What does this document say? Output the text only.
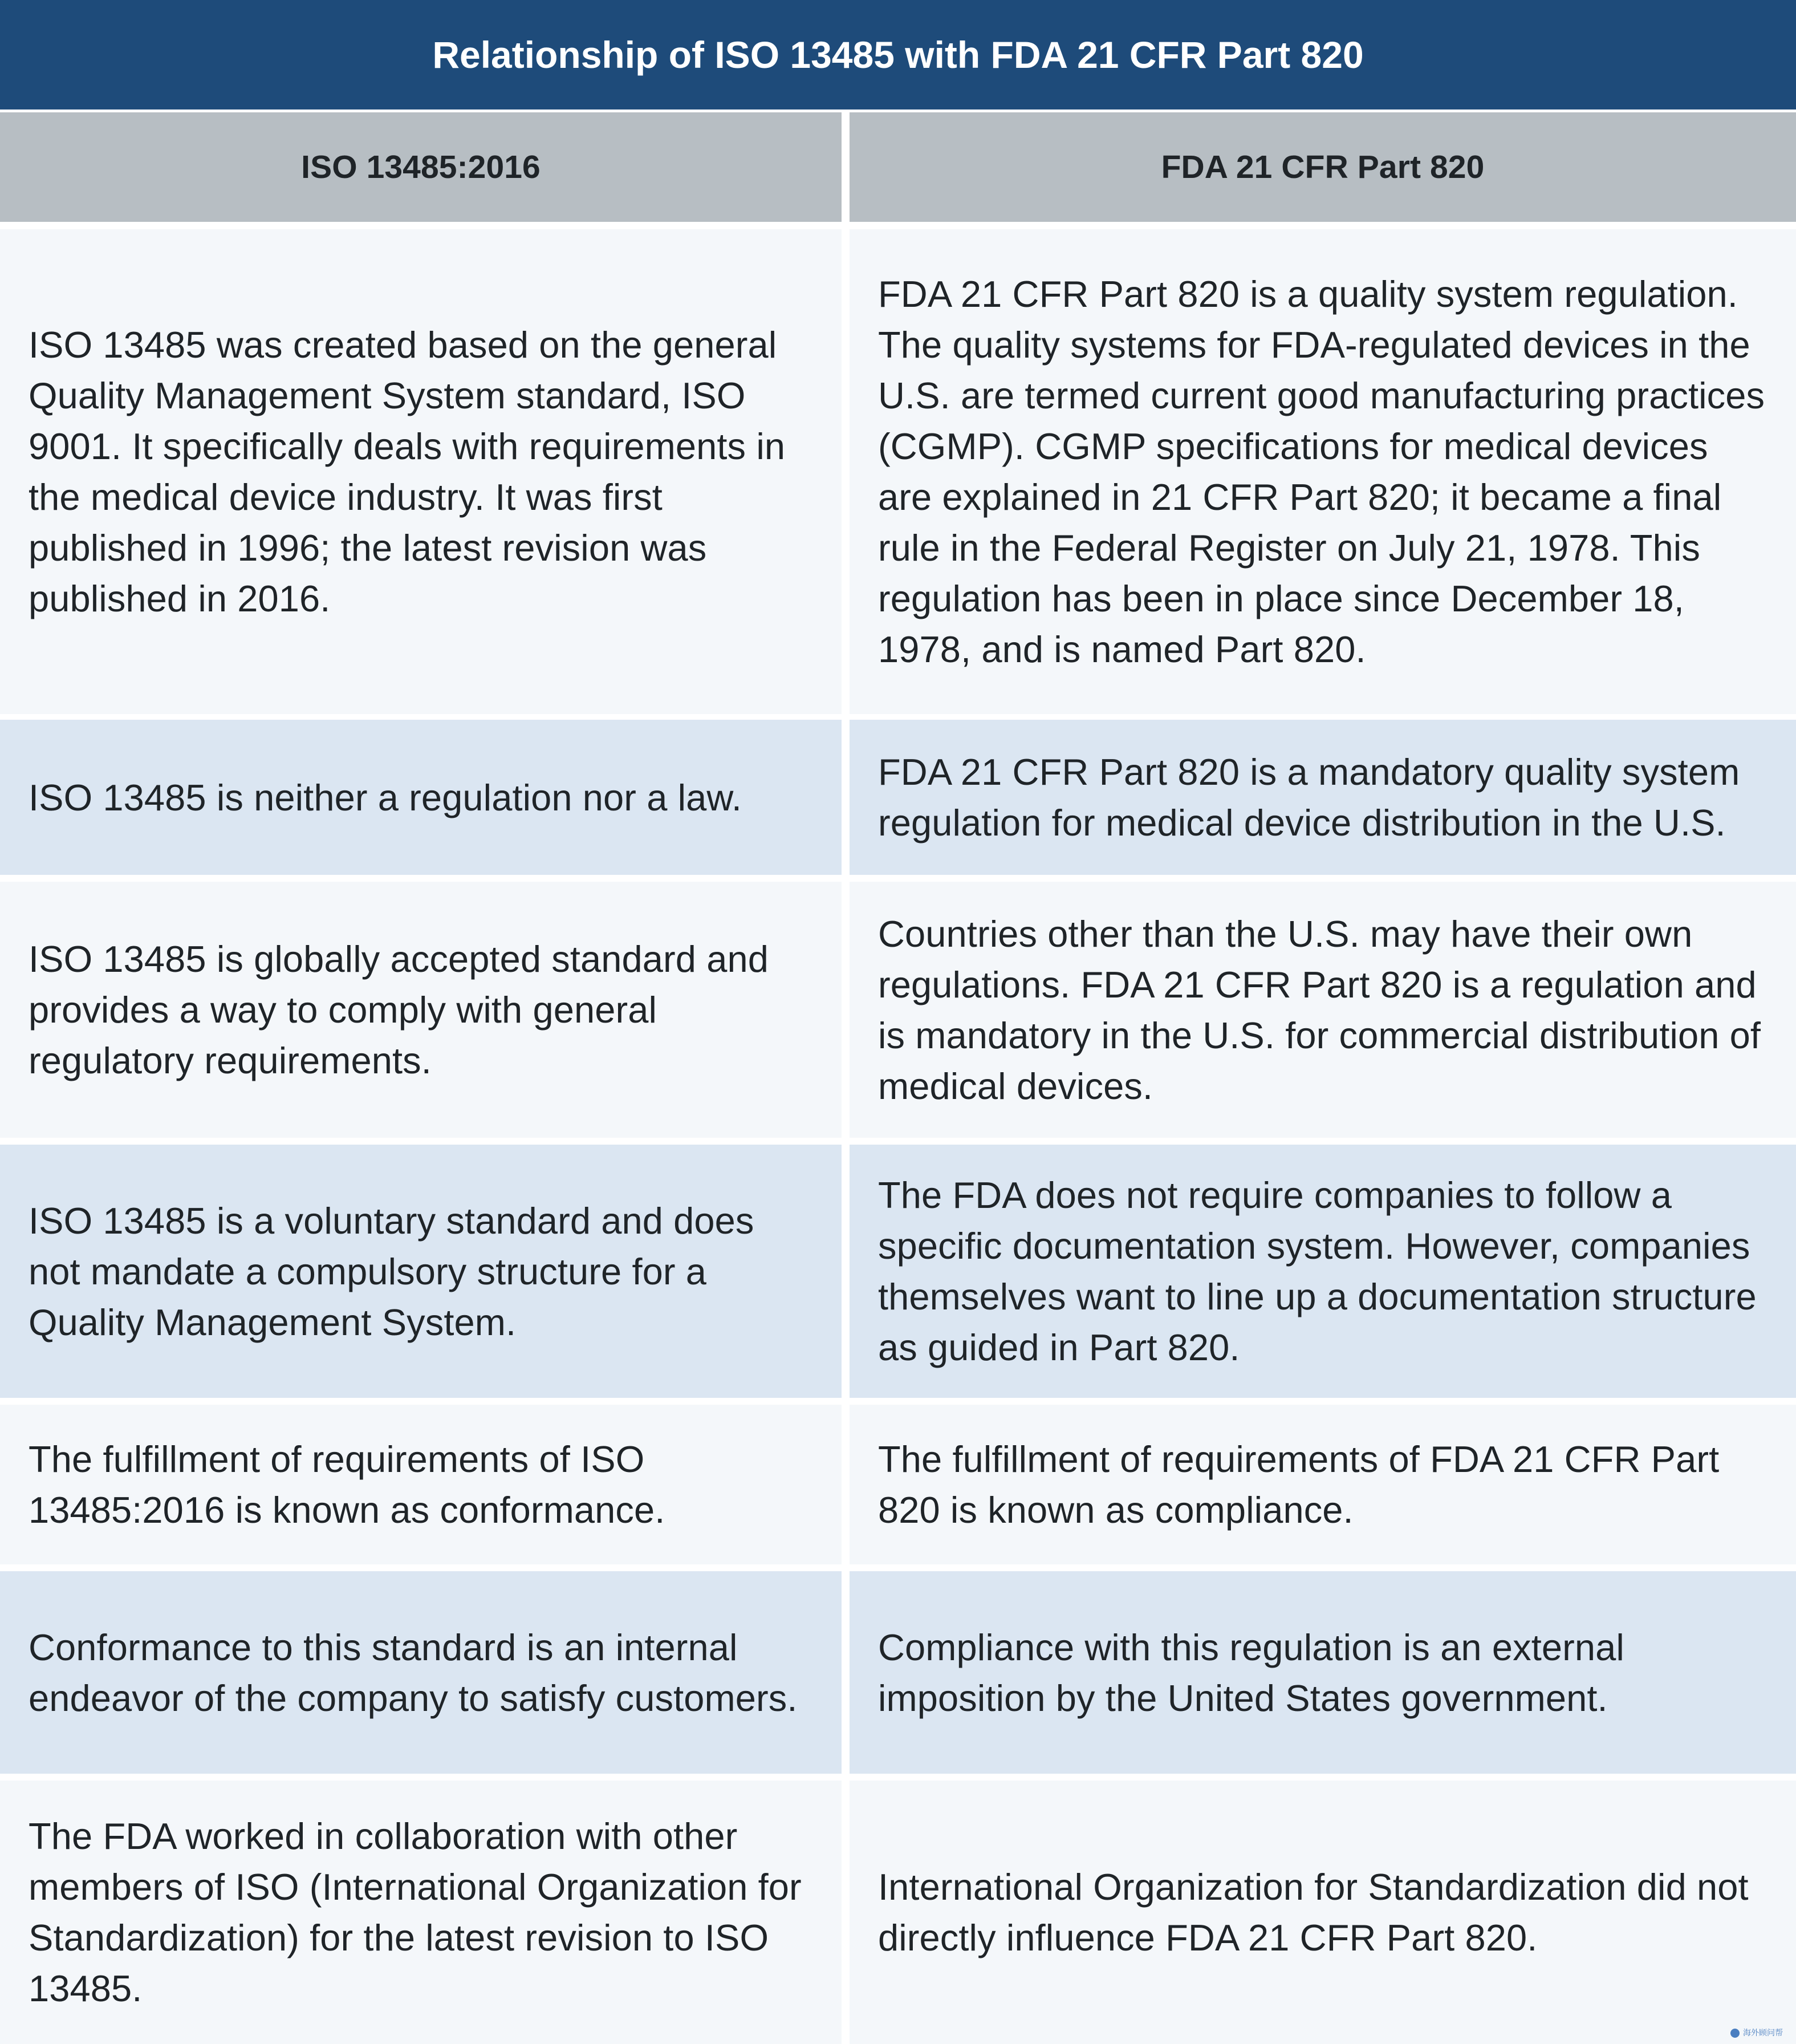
Relationship of ISO 13485 with FDA 21 CFR Part 820
ISO 13485:2016	FDA 21 CFR Part 820
ISO 13485 was created based on the general Quality Management System standard, ISO 9001. It specifically deals with requirements in the medical device industry. It was first published in 1996; the latest revision was published in 2016.
FDA 21 CFR Part 820 is a quality system regulation. The quality systems for FDA-regulated devices in the U.S. are termed current good manufacturing practices (CGMP). CGMP specifications for medical devices are explained in 21 CFR Part 820; it became a final rule in the Federal Register on July 21, 1978. This regulation has been in place since December 18, 1978, and is named Part 820.
ISO 13485 is neither a regulation nor a law.
FDA 21 CFR Part 820 is a mandatory quality system regulation for medical device distribution in the U.S.
ISO 13485 is globally accepted standard and provides a way to comply with general regulatory requirements.
Countries other than the U.S. may have their own regulations. FDA 21 CFR Part 820 is a regulation and is mandatory in the U.S. for commercial distribution of medical devices.
ISO 13485 is a voluntary standard and does not mandate a compulsory structure for a Quality Management System.
The FDA does not require companies to follow a specific documentation system. However, companies themselves want to line up a documentation structure as guided in Part 820.
The fulfillment of requirements of ISO 13485:2016 is known as conformance.
The fulfillment of requirements of FDA 21 CFR Part 820 is known as compliance.
Conformance to this standard is an internal endeavor of the company to satisfy customers.
Compliance with this regulation is an external imposition by the United States government.
The FDA worked in collaboration with other members of ISO (International Organization for Standardization) for the latest revision to ISO 13485.
International Organization for Standardization did not directly influence FDA 21 CFR Part 820.
海外顾问帮
